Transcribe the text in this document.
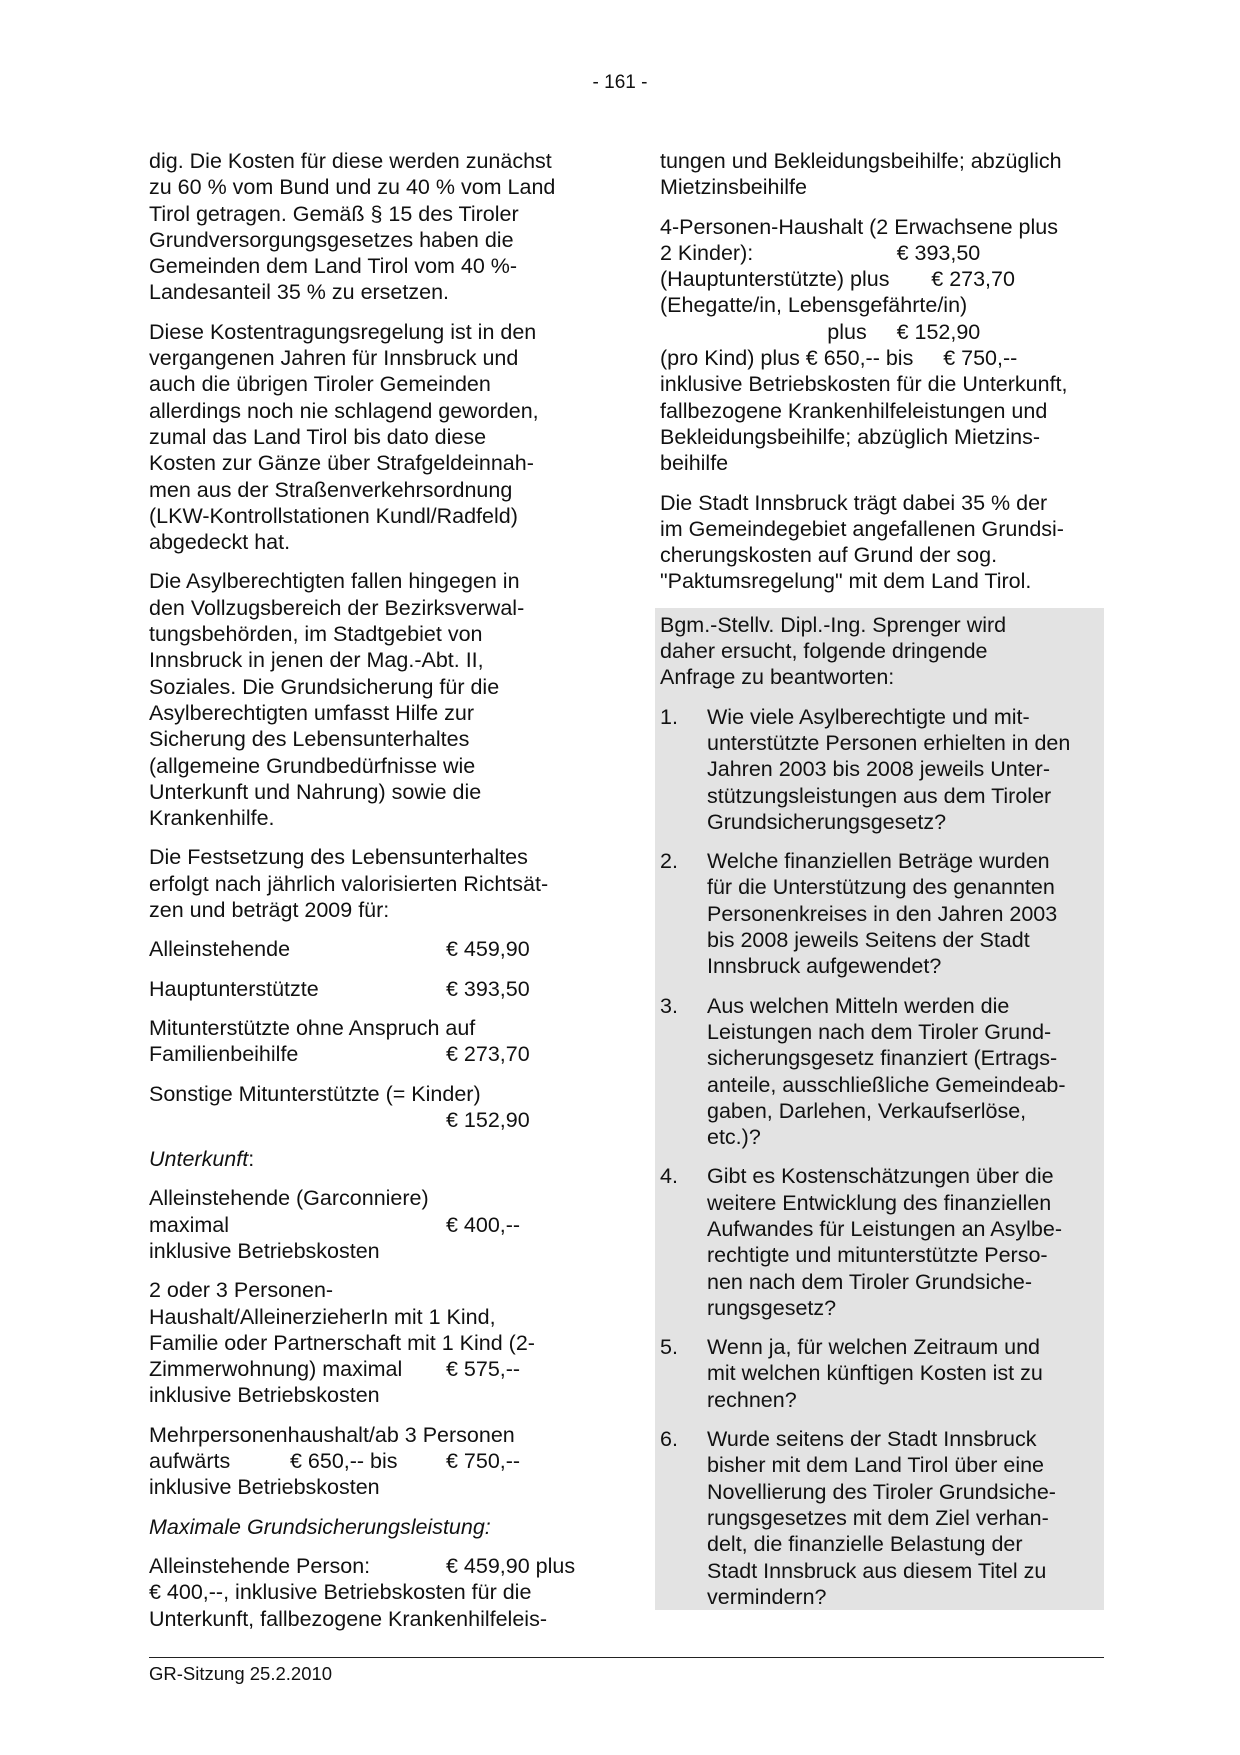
- 161 -

dig. Die Kosten für diese werden zunächst
zu 60 % vom Bund und zu 40 % vom Land
Tirol getragen. Gemäß § 15 des Tiroler
Grundversorgungsgesetzes haben die
Gemeinden dem Land Tirol vom 40 %-
Landesanteil 35 % zu ersetzen.

Diese Kostentragungsregelung ist in den
vergangenen Jahren für Innsbruck und
auch die übrigen Tiroler Gemeinden
allerdings noch nie schlagend geworden,
zumal das Land Tirol bis dato diese
Kosten zur Gänze über Strafgeldeinnah-
men aus der Straßenverkehrsordnung
(LKW-Kontrollstationen Kundl/Radfeld)
abgedeckt hat.

Die Asylberechtigten fallen hingegen in
den Vollzugsbereich der Bezirksverwal-
tungsbehörden, im Stadtgebiet von
Innsbruck in jenen der Mag.-Abt. II,
Soziales. Die Grundsicherung für die
Asylberechtigten umfasst Hilfe zur
Sicherung des Lebensunterhaltes
(allgemeine Grundbedürfnisse wie
Unterkunft und Nahrung) sowie die
Krankenhilfe.

Die Festsetzung des Lebensunterhaltes
erfolgt nach jährlich valorisierten Richtsät-
zen und beträgt 2009 für:

Alleinstehende	€ 459,90

Hauptunterstützte	€ 393,50

Mitunterstützte ohne Anspruch auf
Familienbeihilfe	€ 273,70

Sonstige Mitunterstützte (= Kinder)
€ 152,90

Unterkunft:

Alleinstehende (Garconniere)
maximal	€ 400,--
inklusive Betriebskosten

2 oder 3 Personen-
Haushalt/AlleinerzieherIn mit 1 Kind,
Familie oder Partnerschaft mit 1 Kind (2-
Zimmerwohnung) maximal	€ 575,--
inklusive Betriebskosten

Mehrpersonenhaushalt/ab 3 Personen
aufwärts          € 650,-- bis	€ 750,--
inklusive Betriebskosten

Maximale Grundsicherungsleistung:

Alleinstehende Person:	€ 459,90 plus
€ 400,--, inklusive Betriebskosten für die
Unterkunft, fallbezogene Krankenhilfeleis-

tungen und Bekleidungsbeihilfe; abzüglich
Mietzinsbeihilfe

4-Personen-Haushalt (2 Erwachsene plus
2 Kinder):                        € 393,50
(Hauptunterstützte) plus       € 273,70
(Ehegatte/in, Lebensgefährte/in)
plus     € 152,90
(pro Kind) plus € 650,-- bis     € 750,--
inklusive Betriebskosten für die Unterkunft,
fallbezogene Krankenhilfeleistungen und
Bekleidungsbeihilfe; abzüglich Mietzins-
beihilfe

Die Stadt Innsbruck trägt dabei 35 % der
im Gemeindegebiet angefallenen Grundsi-
cherungskosten auf Grund der sog.
"Paktumsregelung" mit dem Land Tirol.

Bgm.-Stellv. Dipl.-Ing. Sprenger wird
daher ersucht, folgende dringende
Anfrage zu beantworten:

1.	Wie viele Asylberechtigte und mit-
unterstützte Personen erhielten in den
Jahren 2003 bis 2008 jeweils Unter-
stützungsleistungen aus dem Tiroler
Grundsicherungsgesetz?
2.	Welche finanziellen Beträge wurden
für die Unterstützung des genannten
Personenkreises in den Jahren 2003
bis 2008 jeweils Seitens der Stadt
Innsbruck aufgewendet?
3.	Aus welchen Mitteln werden die
Leistungen nach dem Tiroler Grund-
sicherungsgesetz finanziert (Ertrags-
anteile, ausschließliche Gemeindeab-
gaben, Darlehen, Verkaufserlöse,
etc.)?
4.	Gibt es Kostenschätzungen über die
weitere Entwicklung des finanziellen
Aufwandes für Leistungen an Asylbe-
rechtigte und mitunterstützte Perso-
nen nach dem Tiroler Grundsiche-
rungsgesetz?
5.	Wenn ja, für welchen Zeitraum und
mit welchen künftigen Kosten ist zu
rechnen?
6.	Wurde seitens der Stadt Innsbruck
bisher mit dem Land Tirol über eine
Novellierung des Tiroler Grundsiche-
rungsgesetzes mit dem Ziel verhan-
delt, die finanzielle Belastung der
Stadt Innsbruck aus diesem Titel zu
vermindern?
GR-Sitzung 25.2.2010
